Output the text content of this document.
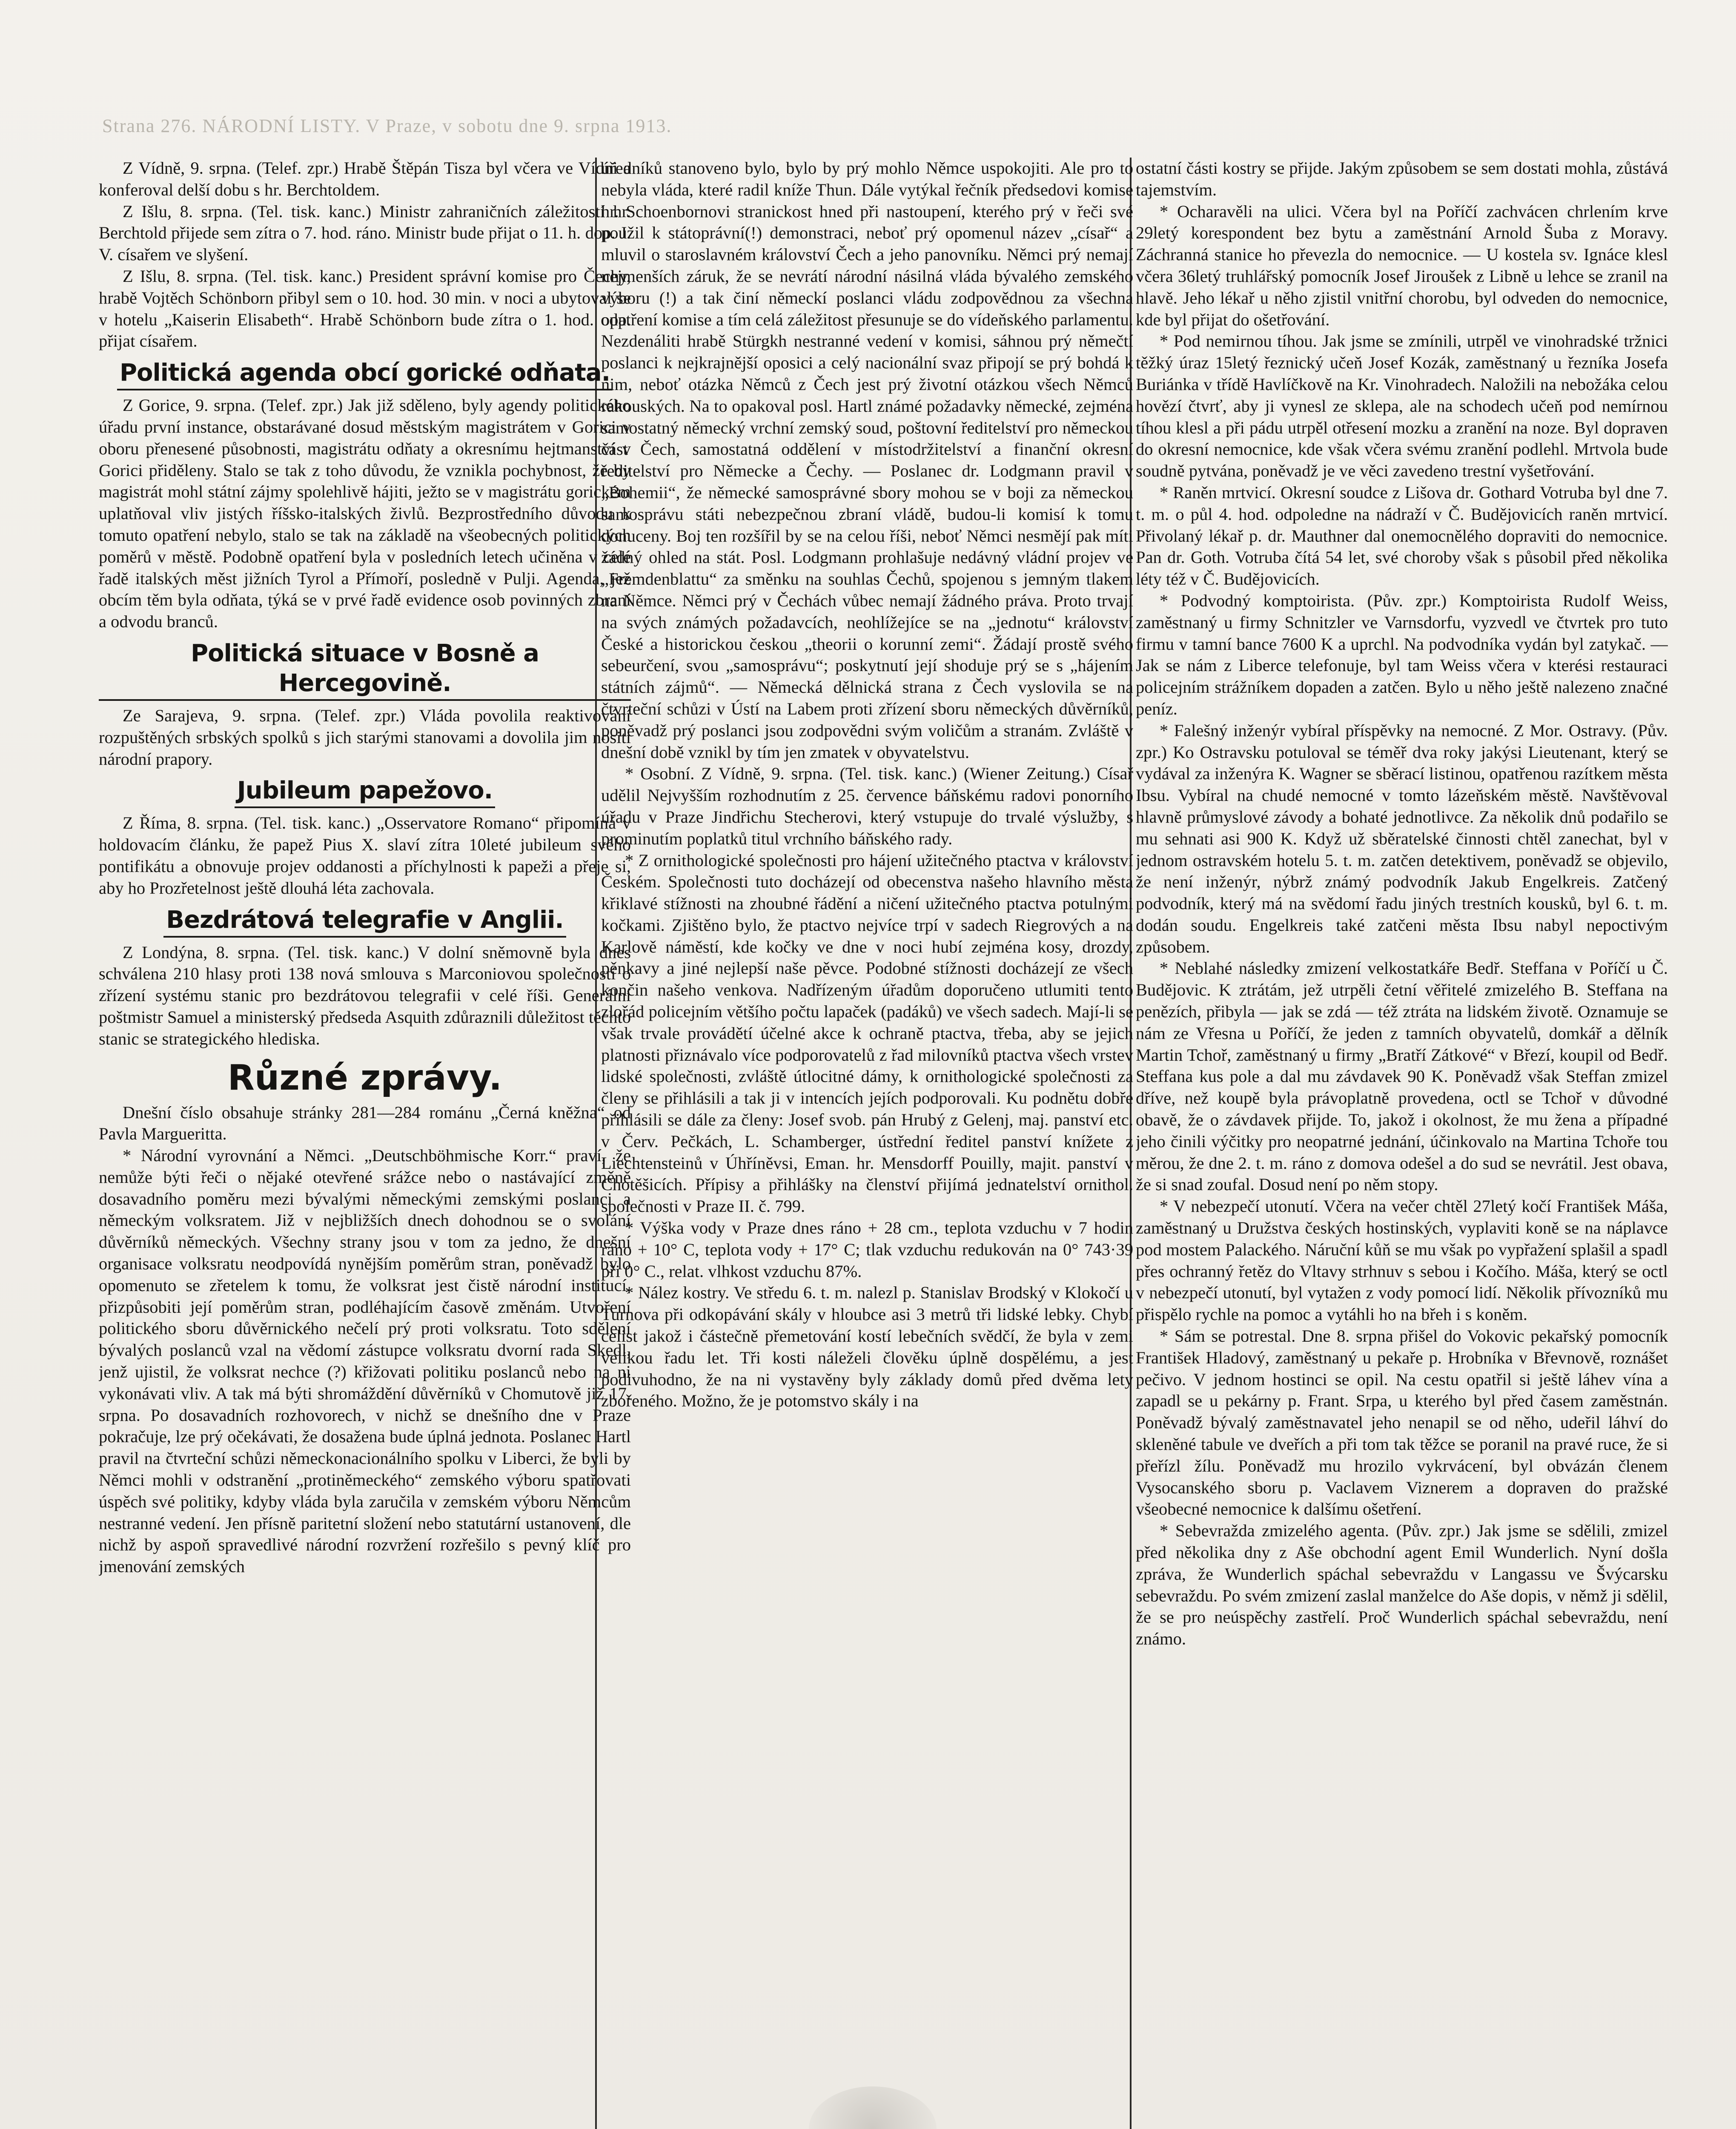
Strana 276. NÁRODNÍ LISTY. V Praze, v sobotu dne 9. srpna 1913.

Z Vídně, 9. srpna. (Telef. zpr.) Hrabě Štěpán Tisza byl včera ve Vídni a konferoval delší dobu s hr. Berchtoldem.

Z Išlu, 8. srpna. (Tel. tisk. kanc.) Ministr zahraničních záležitostí hr. Berchtold přijede sem zítra o 7. hod. ráno. Ministr bude přijat o 11. h. dop. J. V. císařem ve slyšení.

Z Išlu, 8. srpna. (Tel. tisk. kanc.) President správní komise pro Čechy, hrabě Vojtěch Schönborn přibyl sem o 10. hod. 30 min. v noci a ubytoval se v hotelu „Kaiserin Elisabeth“. Hrabě Schönborn bude zítra o 1. hod. odp. přijat císařem.

Politická agenda obcí gorické odňata.

Z Gorice, 9. srpna. (Telef. zpr.) Jak již sděleno, byly agendy politického úřadu první instance, obstarávané dosud městským magistrátem v Gorici v oboru přenesené působnosti, magistrátu odňaty a okresnímu hejtmanství v Gorici přiděleny. Stalo se tak z toho důvodu, že vznikla pochybnost, že by magistrát mohl státní zájmy spolehlivě hájiti, ježto se v magistrátu gorickém uplatňoval vliv jistých říšsko-italských živlů. Bezprostředního důvodu k tomuto opatření nebylo, stalo se tak na základě na všeobecných politických poměrů v městě. Podobně opatření byla v posledních letech učiněna v celé řadě italských měst jižních Tyrol a Přímoří, posledně v Pulji. Agenda, jež obcím těm byla odňata, týká se v prvé řadě evidence osob povinných zbraní a odvodu branců.

Politická situace v Bosně a Hercegovině.

Ze Sarajeva, 9. srpna. (Telef. zpr.) Vláda povolila reaktivování rozpuštěných srbských spolků s jich starými stanovami a dovolila jim nositi národní prapory.

Jubileum papežovo.

Z Říma, 8. srpna. (Tel. tisk. kanc.) „Osservatore Romano“ připomíná v holdovacím článku, že papež Pius X. slaví zítra 10leté jubileum svého pontifikátu a obnovuje projev oddanosti a příchylnosti k papeži a přeje si, aby ho Prozřetelnost ještě dlouhá léta zachovala.

Bezdrátová telegrafie v Anglii.

Z Londýna, 8. srpna. (Tel. tisk. kanc.) V dolní sněmovně byla dnes schválena 210 hlasy proti 138 nová smlouva s Marconiovou společností o zřízení systému stanic pro bezdrátovou telegrafii v celé říši. Generální poštmistr Samuel a ministerský předseda Asquith zdůraznili důležitost těchto stanic se strategického hlediska.

Různé zprávy.

Dnešní číslo obsahuje stránky 281—284 románu „Černá kněžna“ od Pavla Margueritta.

* Národní vyrovnání a Němci. „Deutschböhmische Korr.“ praví, že nemůže býti řeči o nějaké otevřené srážce nebo o nastávající změně dosavadního poměru mezi bývalými německými zemskými poslanci a německým volksratem. Již v nejbližších dnech dohodnou se o svolání důvěrníků německých. Všechny strany jsou v tom za jedno, že dnešní organisace volksratu neodpovídá nynějším poměrům stran, poněvadž bylo opomenuto se zřetelem k tomu, že volksrat jest čistě národní institucí, přizpůsobiti její poměrům stran, podléhajícím časově změnám. Utvoření politického sboru důvěrnického nečelí prý proti volksratu. Toto sdělení bývalých poslanců vzal na vědomí zástupce volksratu dvorní rada Skedl, jenž ujistil, že volksrat nechce (?) křižovati politiku poslanců nebo na ni vykonávati vliv. A tak má býti shromáždění důvěrníků v Chomutově již 17. srpna. Po dosavadních rozhovorech, v nichž se dnešního dne v Praze pokračuje, lze prý očekávati, že dosažena bude úplná jednota. Poslanec Hartl pravil na čtvrteční schůzi německonacionálního spolku v Liberci, že byli by Němci mohli v odstranění „protiněmeckého“ zemského výboru spatřovati úspěch své politiky, kdyby vláda byla zaručila v zemském výboru Němcům nestranné vedení. Jen přísně paritetní složení nebo statutární ustanovení, dle nichž by aspoň spravedlivé národní rozvržení rozřešilo s pevný klíč pro jmenování zemských

úředníků stanoveno bylo, bylo by prý mohlo Němce uspokojiti. Ale pro to nebyla vláda, které radil kníže Thun. Dále vytýkal řečník předsedovi komise hr. Schoenbornovi stranickost hned při nastoupení, kterého prý v řeči své použil k státoprávní(!) demonstraci, neboť prý opomenul název „císař“ a mluvil o staroslavném království Čech a jeho panovníku. Němci prý nemají nejmenších záruk, že se nevrátí národní násilná vláda bývalého zemského výboru (!) a tak činí německí poslanci vládu zodpovědnou za všechna opatření komise a tím celá záležitost přesunuje se do vídeňského parlamentu. Nezdenáliti hrabě Stürgkh nestranné vedení v komisi, sáhnou prý němečtí poslanci k nejkrajnější oposici a celý nacionální svaz připojí se prý bohdá k nim, neboť otázka Němců z Čech jest prý životní otázkou všech Němců rakouských. Na to opakoval posl. Hartl známé požadavky německé, zejména samostatný německý vrchní zemský soud, poštovní ředitelství pro německou část Čech, samostatná oddělení v místodržitelství a finanční okresní ředitelství pro Německe a Čechy. — Poslanec dr. Lodgmann pravil v „Bohemii“, že německé samosprávné sbory mohou se v boji za německou samosprávu státi nebezpečnou zbraní vládě, budou-li komisí k tomu donuceny. Boj ten rozšířil by se na celou říši, neboť Němci nesmějí pak míti žádný ohled na stát. Posl. Lodgmann prohlašuje nedávný vládní projev ve „Fremdenblattu“ za směnku na souhlas Čechů, spojenou s jemným tlakem na Němce. Němci prý v Čechách vůbec nemají žádného práva. Proto trvají na svých známých požadavcích, neohlížejíce se na „jednotu“ království České a historickou českou „theorii o korunní zemi“. Žádají prostě svého sebeurčení, svou „samosprávu“; poskytnutí její shoduje prý se s „hájením státních zájmů“. — Německá dělnická strana z Čech vyslovila se na čtvrteční schůzi v Ústí na Labem proti zřízení sboru německých důvěrníků, poněvadž prý poslanci jsou zodpovědni svým voličům a stranám. Zvláště v dnešní době vznikl by tím jen zmatek v obyvatelstvu.

* Osobní. Z Vídně, 9. srpna. (Tel. tisk. kanc.) (Wiener Zeitung.) Císař udělil Nejvyšším rozhodnutím z 25. července báňskému radovi ponorního úřadu v Praze Jindřichu Stecherovi, který vstupuje do trvalé výslužby, s prominutím poplatků titul vrchního báňského rady.

* Z ornithologické společnosti pro hájení užitečného ptactva v království Českém. Společnosti tuto docházejí od obecenstva našeho hlavního města křiklavé stížnosti na zhoubné řádění a ničení užitečného ptactva potulnými kočkami. Zjištěno bylo, že ptactvo nejvíce trpí v sadech Riegrových a na Karlově náměstí, kde kočky ve dne v noci hubí zejména kosy, drozdy, pěnkavy a jiné nejlepší naše pěvce. Podobné stížnosti docházejí ze všech končin našeho venkova. Nadřízeným úřadům doporučeno utlumiti tento zlořád policejním většího počtu lapaček (padáků) ve všech sadech. Mají-li se však trvale provádětí účelné akce k ochraně ptactva, třeba, aby se jejich platnosti přiznávalo více podporovatelů z řad milovníků ptactva všech vrstev lidské společnosti, zvláště útlocitné dámy, k ornithologické společnosti za členy se přihlásili a tak ji v intencích jejích podporovali. Ku podnětu dobře přihlásili se dále za členy: Josef svob. pán Hrubý z Gelenj, maj. panství etc. v Červ. Pečkách, L. Schamberger, ústřední ředitel panství knížete z Liechtensteinů v Úhříněvsi, Eman. hr. Mensdorff Pouilly, majit. panství v Chotěšicích. Přípisy a přihlášky na členství přijímá jednatelství ornithol. společnosti v Praze II. č. 799.

* Výška vody v Praze dnes ráno + 28 cm., teplota vzduchu v 7 hodin ráno + 10° C, teplota vody + 17° C; tlak vzduchu redukován na 0° 743·39 při 0° C., relat. vlhkost vzduchu 87%.

* Nález kostry. Ve středu 6. t. m. nalezl p. Stanislav Brodský v Klokočí u Turnova při odkopávání skály v hloubce asi 3 metrů tři lidské lebky. Chybí celist jakož i částečně přemetování kostí lebečních svědčí, že byla v zemi velikou řadu let. Tři kosti náleželi člověku úplně dospělému, a jest podivuhodno, že na ni vystavěny byly základy domů před dvěma lety zbořeného. Možno, že je potomstvo skály i na

ostatní části kostry se přijde. Jakým způsobem se sem dostati mohla, zůstává tajemstvím.

* Ocharavěli na ulici. Včera byl na Poříčí zachvácen chrlením krve 29letý korespondent bez bytu a zaměstnání Arnold Šuba z Moravy. Záchranná stanice ho převezla do nemocnice. — U kostela sv. Ignáce klesl včera 36letý truhlářský pomocník Josef Jiroušek z Libně u lehce se zranil na hlavě. Jeho lékař u něho zjistil vnitřní chorobu, byl odveden do nemocnice, kde byl přijat do ošetřování.

* Pod nemirnou tíhou. Jak jsme se zmínili, utrpěl ve vinohradské tržnici těžký úraz 15letý řeznický učeň Josef Kozák, zaměstnaný u řezníka Josefa Buriánka v třídě Havlíčkově na Kr. Vinohradech. Naložili na nebožáka celou hovězí čtvrť, aby ji vynesl ze sklepa, ale na schodech učeň pod nemírnou tíhou klesl a při pádu utrpěl otřesení mozku a zranění na noze. Byl dopraven do okresní nemocnice, kde však včera svému zranění podlehl. Mrtvola bude soudně pytvána, poněvadž je ve věci zavedeno trestní vyšetřování.

* Raněn mrtvicí. Okresní soudce z Lišova dr. Gothard Votruba byl dne 7. t. m. o půl 4. hod. odpoledne na nádraží v Č. Budějovicích raněn mrtvicí. Přivolaný lékař p. dr. Mauthner dal onemocnělého dopraviti do nemocnice. Pan dr. Goth. Votruba čítá 54 let, své choroby však s působil před několika léty též v Č. Budějovicích.

* Podvodný komptoirista. (Pův. zpr.) Komptoirista Rudolf Weiss, zaměstnaný u firmy Schnitzler ve Varnsdorfu, vyzvedl ve čtvrtek pro tuto firmu v tamní bance 7600 K a uprchl. Na podvodníka vydán byl zatykač. — Jak se nám z Liberce telefonuje, byl tam Weiss včera v kterési restauraci policejním strážníkem dopaden a zatčen. Bylo u něho ještě nalezeno značné peníz.

* Falešný inženýr vybíral příspěvky na nemocné. Z Mor. Ostravy. (Pův. zpr.) Ko Ostravsku potuloval se téměř dva roky jakýsi Lieutenant, který se vydával za inženýra K. Wagner se sběrací listinou, opatřenou razítkem města Ibsu. Vybíral na chudé nemocné v tomto lázeňském městě. Navštěvoval hlavně průmyslové závody a bohaté jednotlivce. Za několik dnů podařilo se mu sehnati asi 900 K. Když už sběratelské činnosti chtěl zanechat, byl v jednom ostravském hotelu 5. t. m. zatčen detektivem, poněvadž se objevilo, že není inženýr, nýbrž známý podvodník Jakub Engelkreis. Zatčený podvodník, který má na svědomí řadu jiných trestních kousků, byl 6. t. m. dodán soudu. Engelkreis také zatčeni města Ibsu nabyl nepoctivým způsobem.

* Neblahé následky zmizení velkostatkáře Bedř. Steffana v Poříčí u Č. Budějovic. K ztrátám, jež utrpěli četní věřitelé zmizelého B. Steffana na penězích, přibyla — jak se zdá — též ztráta na lidském životě. Oznamuje se nám ze Vřesna u Poříčí, že jeden z tamních obyvatelů, domkář a dělník Martin Tchoř, zaměstnaný u firmy „Bratří Zátkové“ v Březí, koupil od Bedř. Steffana kus pole a dal mu závdavek 90 K. Poněvadž však Steffan zmizel dříve, než koupě byla právoplatně provedena, octl se Tchoř v důvodné obavě, že o závdavek přijde. To, jakož i okolnost, že mu žena a případné jeho činili výčitky pro neopatrné jednání, účinkovalo na Martina Tchoře tou měrou, že dne 2. t. m. ráno z domova odešel a do sud se nevrátil. Jest obava, že si snad zoufal. Dosud není po něm stopy.

* V nebezpečí utonutí. Včera na večer chtěl 27letý kočí František Máša, zaměstnaný u Družstva českých hostinských, vyplaviti koně se na náplavce pod mostem Palackého. Náruční kůň se mu však po vypřažení splašil a spadl přes ochranný řetěz do Vltavy strhnuv s sebou i Kočího. Máša, který se octl v nebezpečí utonutí, byl vytažen z vody pomocí lidí. Několik přívozníků mu přispělo rychle na pomoc a vytáhli ho na břeh i s koněm.

* Sám se potrestal. Dne 8. srpna přišel do Vokovic pekařský pomocník František Hladový, zaměstnaný u pekaře p. Hrobníka v Břevnově, roznášet pečivo. V jednom hostinci se opil. Na cestu opatřil si ještě láhev vína a zapadl se u pekárny p. Frant. Srpa, u kterého byl před časem zaměstnán. Poněvadž bývalý zaměstnavatel jeho nenapil se od něho, udeřil láhví do skleněné tabule ve dveřích a při tom tak těžce se poranil na pravé ruce, že si přeřízl žílu. Poněvadž mu hrozilo vykrvácení, byl obvázán členem Vysocanského sboru p. Vaclavem Viznerem a dopraven do pražské všeobecné nemocnice k dalšímu ošetření.

* Sebevražda zmizelého agenta. (Pův. zpr.) Jak jsme se sdělili, zmizel před několika dny z Aše obchodní agent Emil Wunderlich. Nyní došla zpráva, že Wunderlich spáchal sebevraždu v Langassu ve Švýcarsku sebevraždu. Po svém zmizení zaslal manželce do Aše dopis, v němž ji sdělil, že se pro neúspěchy zastřelí. Proč Wunderlich spáchal sebevraždu, není známo.
